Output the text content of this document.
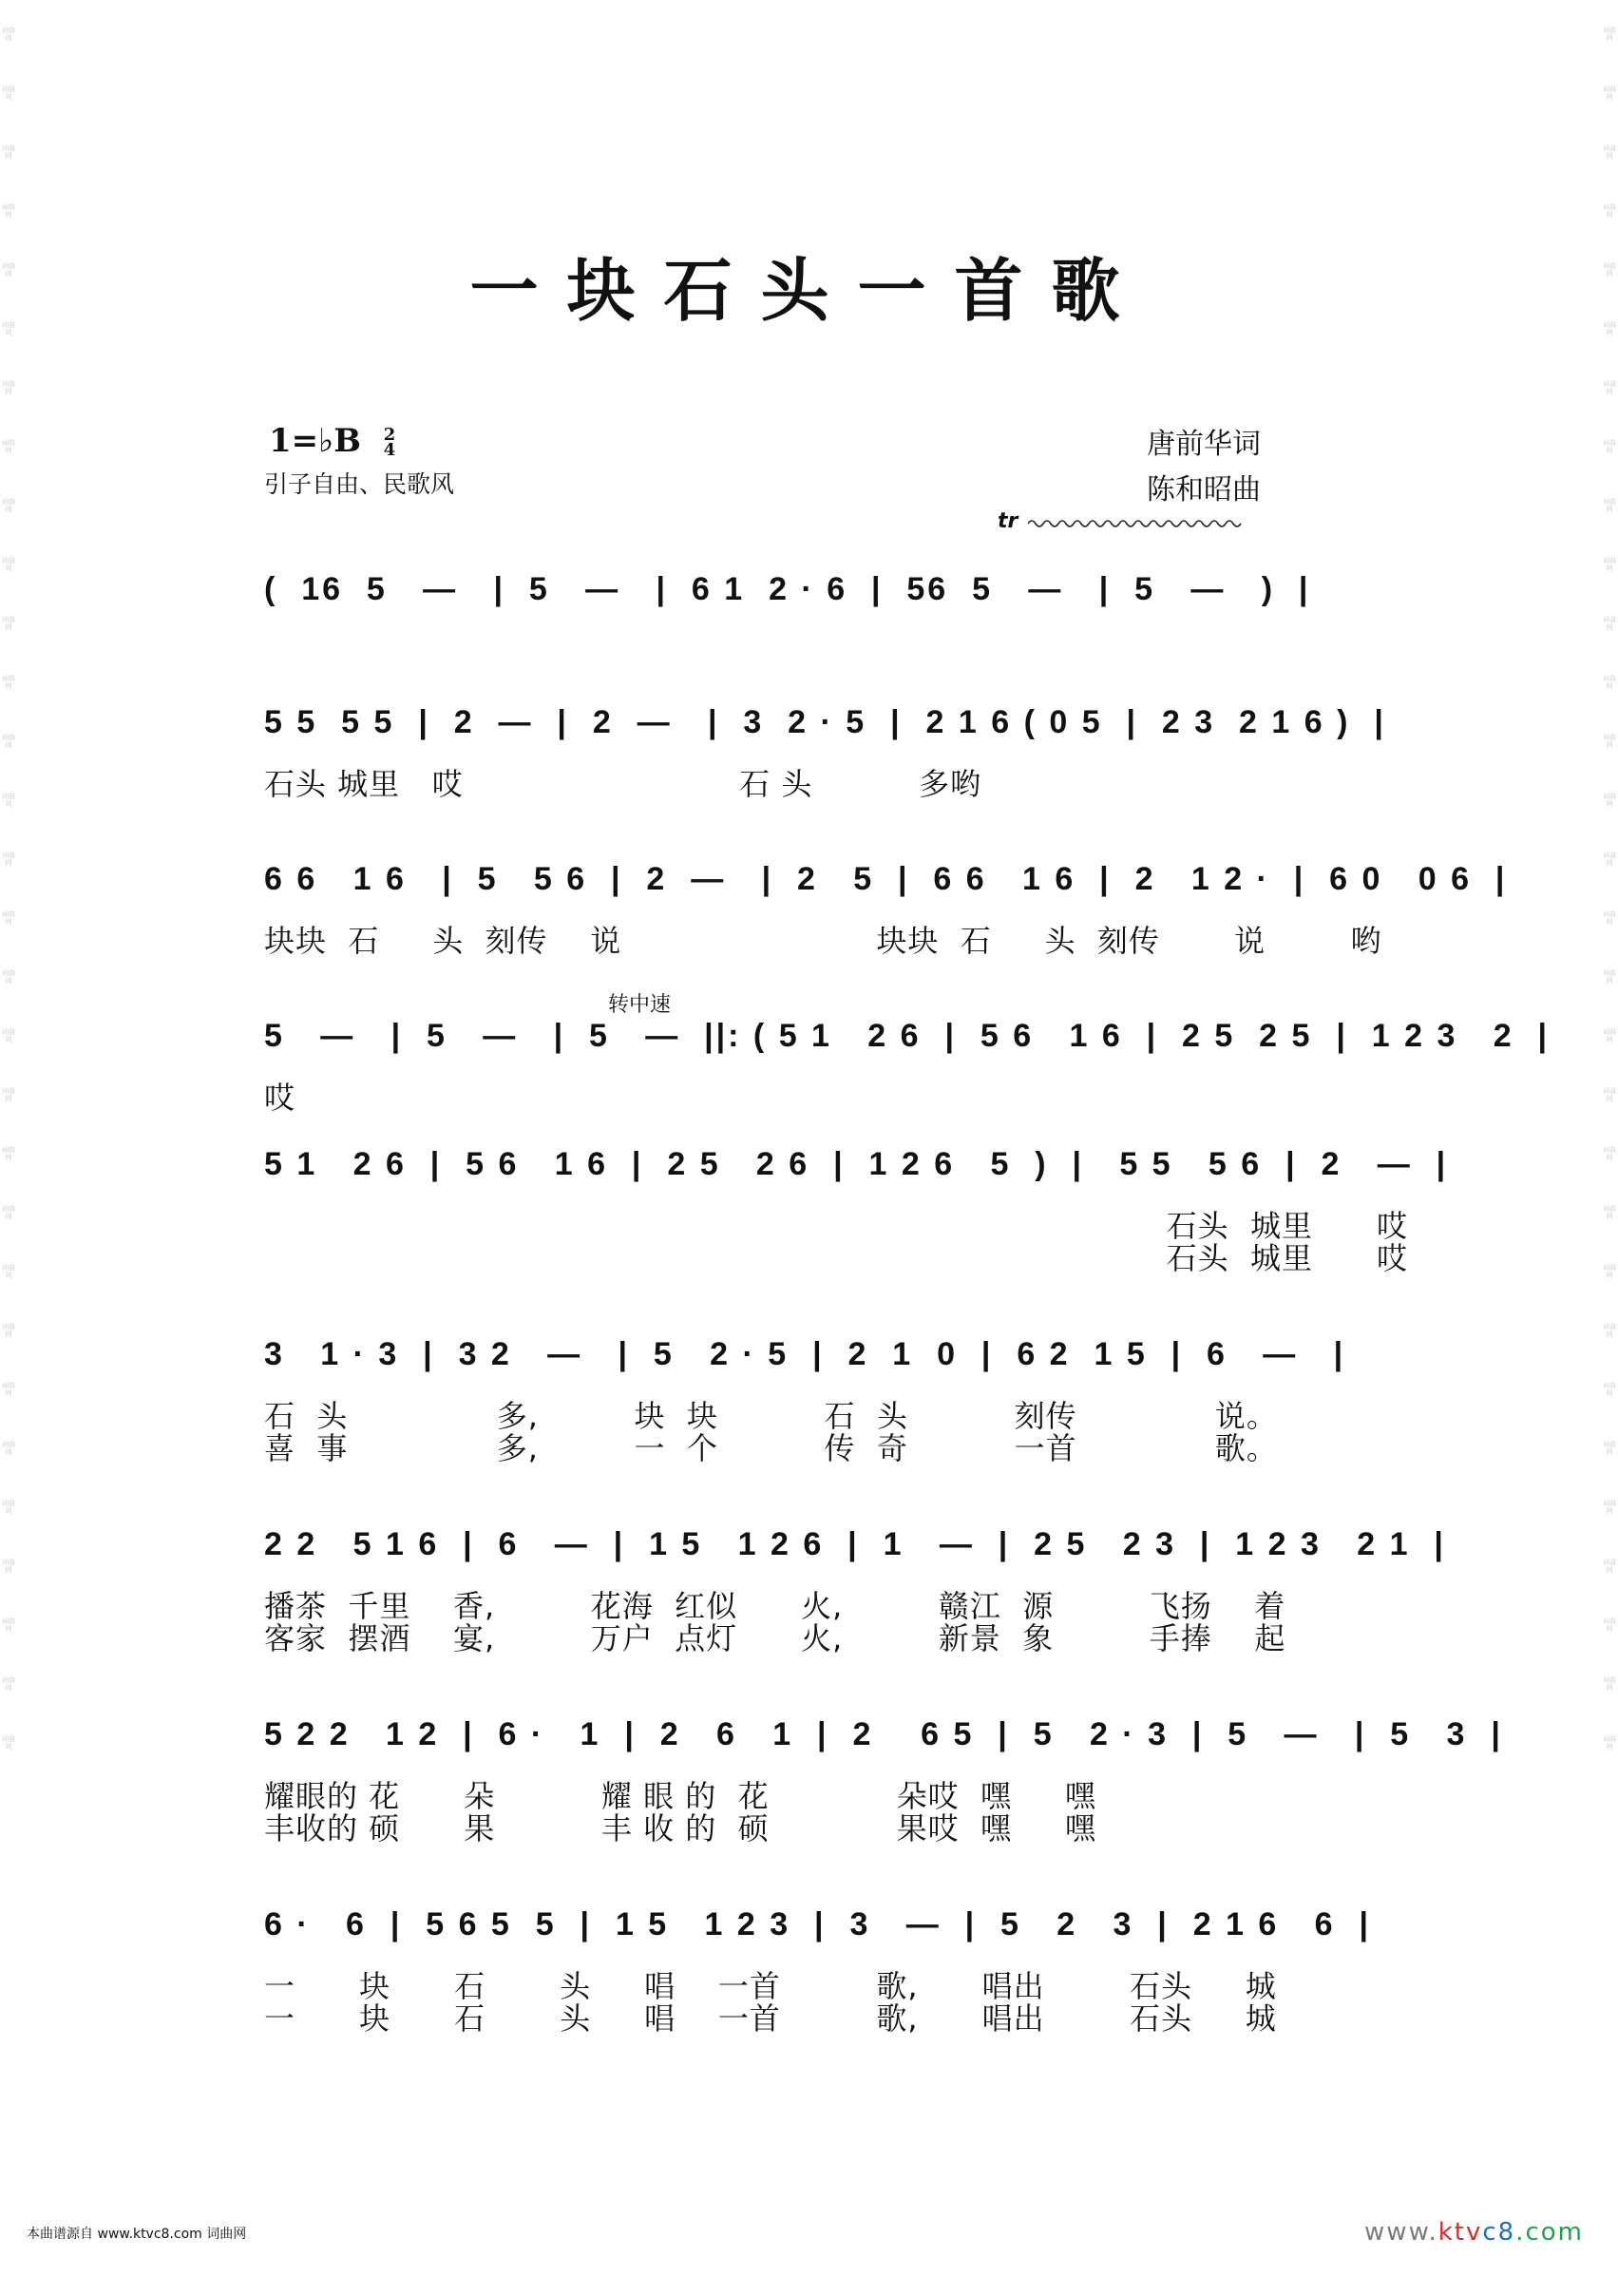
词曲网
词曲网
词曲网
词曲网
词曲网
词曲网
词曲网
词曲网
词曲网
词曲网
词曲网
词曲网
词曲网
词曲网
词曲网
词曲网
词曲网
词曲网
词曲网
词曲网
词曲网
词曲网
词曲网
词曲网
词曲网
词曲网
词曲网
词曲网
词曲网
词曲网
词曲网
词曲网
词曲网
词曲网
词曲网
词曲网
词曲网
词曲网
词曲网
词曲网
词曲网
词曲网
词曲网
词曲网
词曲网
词曲网
词曲网
词曲网
词曲网
词曲网
词曲网
词曲网
词曲网
词曲网
词曲网
词曲网
词曲网
词曲网
词曲网
词曲网
一块石头一首歌
1=♭B 2
4
引子自由、民歌风
唐前华词
陈和昭曲
tr
转中速
(  16  5   —   |  5   —   |  6 1  2 · 6  |  56  5   —   |  5   —   )  |
5 5  5 5  |  2  —  |  2  —   |  3  2 · 5  |  2 1 6 ( 0 5  |  2 3  2 1 6 )  |
石头 城里   哎                          石 头          多哟
6 6   1 6   |  5   5 6  |  2  —   |  2   5  |  6 6   1 6  |  2   1 2 ·  |  6 0   0 6  |
块块  石     头  刻传    说                        块块  石     头  刻传       说        哟
5   —   |  5   —   |  5   —  ||: ( 5 1   2 6  |  5 6   1 6  |  2 5  2 5  |  1 2 3   2  |
哎
5 1   2 6  |  5 6   1 6  |  2 5   2 6  |  1 2 6   5  )  |   5 5   5 6  |  2   —  |
石头  城里      哎
石头  城里      哎
3   1 · 3  |  3 2   —   |  5   2 · 5  |  2  1  0  |  6 2  1 5  |  6   —   |
石  头              多,         块  块          石  头          刻传             说。
喜  事              多,         一  个          传  奇          一首             歌。
2 2   5 1 6  |  6   —  |  1 5   1 2 6  |  1   —  |  2 5   2 3  |  1 2 3   2 1  |
播茶  千里    香,         花海  红似      火,         赣江  源         飞扬    着
客家  摆酒    宴,         万户  点灯      火,         新景  象         手捧    起
5 2 2   1 2  |  6 ·   1  |  2   6   1  |  2    6 5  |  5   2 · 3  |  5   —   |  5   3  |
耀眼的 花      朵          耀 眼 的  花            朵哎  嘿     嘿
丰收的 硕      果          丰 收 的  硕            果哎  嘿     嘿
6 ·   6  |  5 6 5  5  |  1 5   1 2 3  |  3   —  |  5   2   3  |  2 1 6   6  |
一      块      石       头     唱    一首         歌,      唱出        石头     城
一      块      石       头     唱    一首         歌,      唱出        石头     城
本曲谱源自 www.ktvc8.com 词曲网	www.ktvc8.com
